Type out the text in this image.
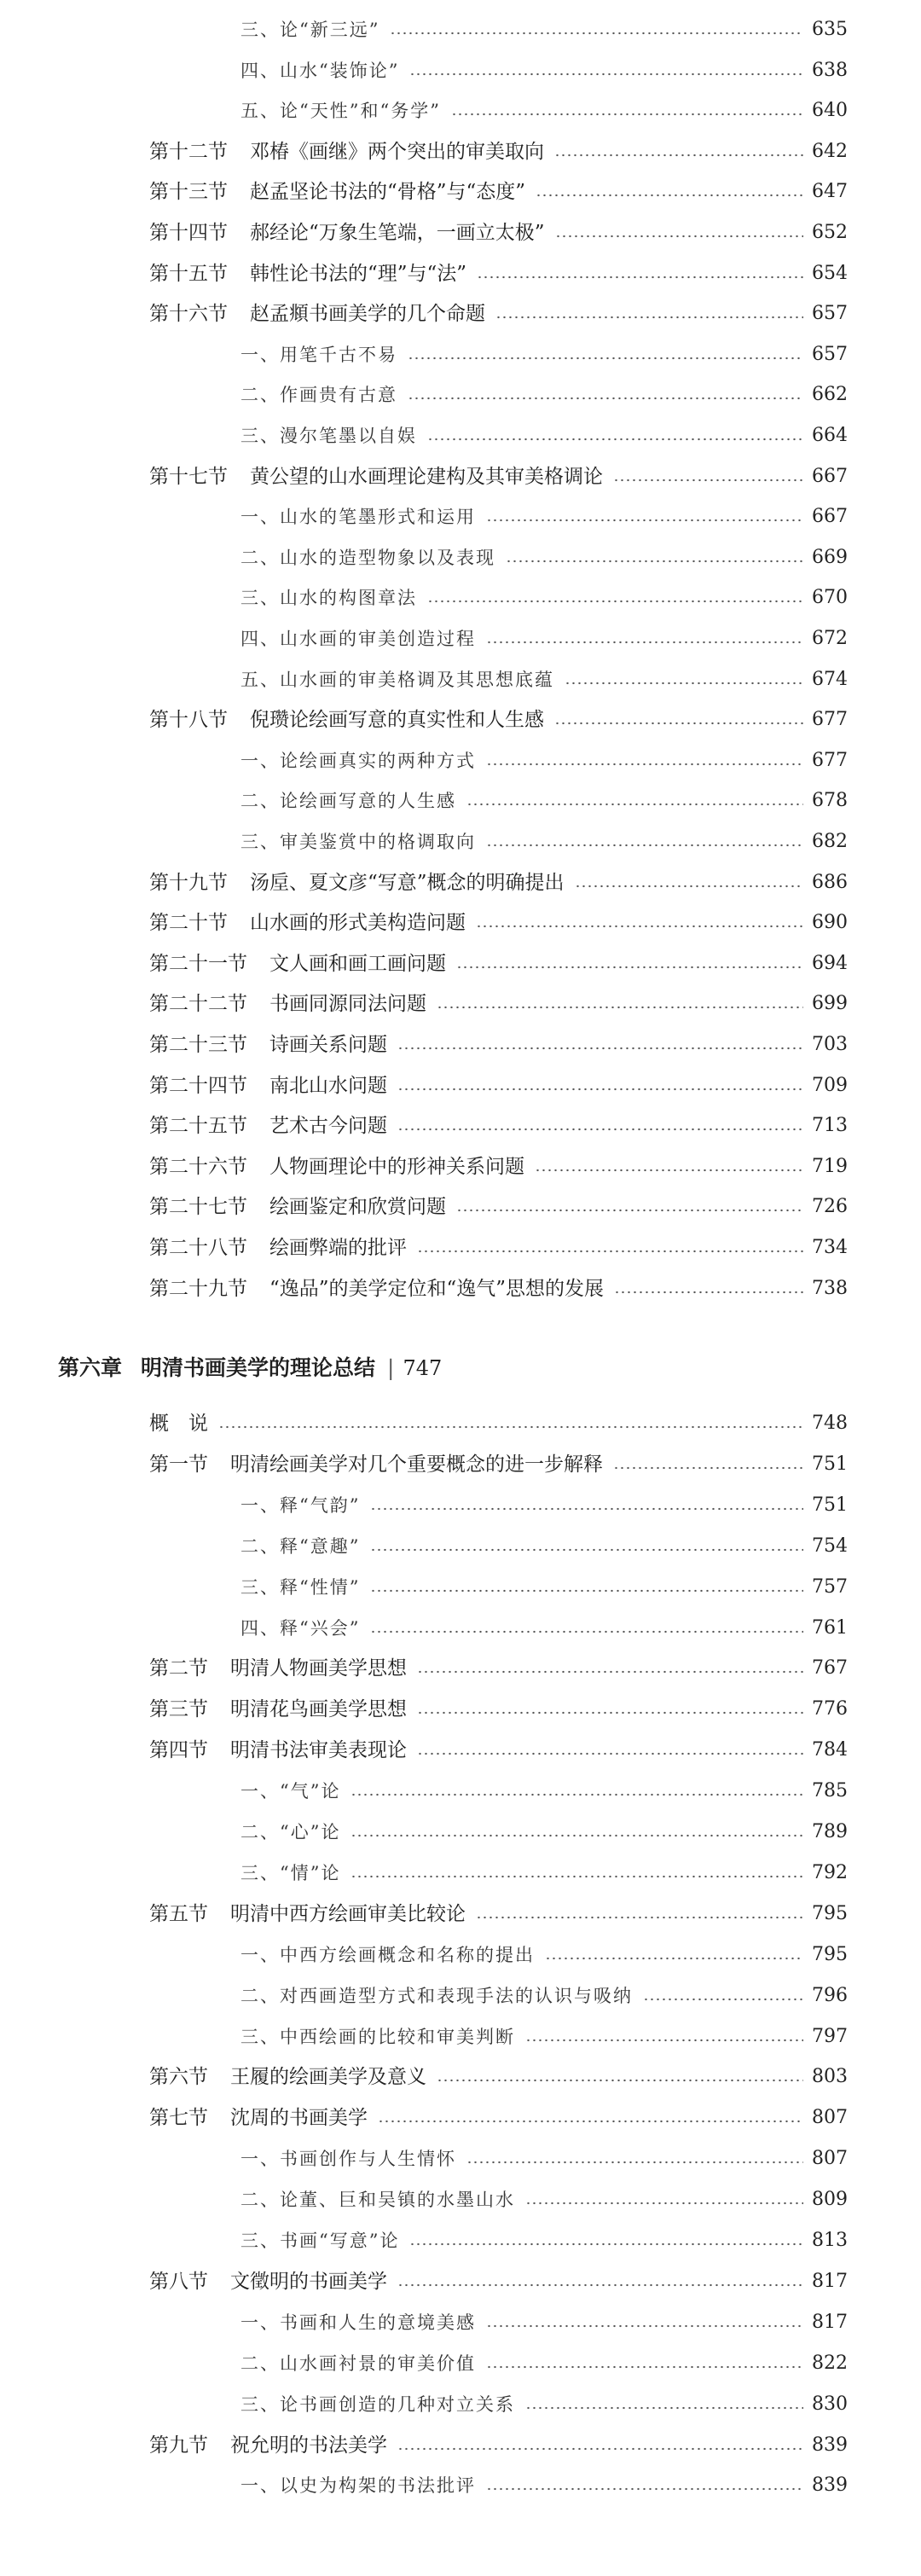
三、论“新三远”	635
四、山水“装饰论”	638
五、论“天性”和“务学”	640
第十二节 邓椿《画继》两个突出的审美取向	642
第十三节 赵孟坚论书法的“骨格”与“态度”	647
第十四节 郝经论“万象生笔端，一画立太极”	652
第十五节 韩性论书法的“理”与“法”	654
第十六节 赵孟頫书画美学的几个命题	657
一、用笔千古不易	657
二、作画贵有古意	662
三、漫尔笔墨以自娱	664
第十七节 黄公望的山水画理论建构及其审美格调论	667
一、山水的笔墨形式和运用	667
二、山水的造型物象以及表现	669
三、山水的构图章法	670
四、山水画的审美创造过程	672
五、山水画的审美格调及其思想底蕴	674
第十八节 倪瓒论绘画写意的真实性和人生感	677
一、论绘画真实的两种方式	677
二、论绘画写意的人生感	678
三、审美鉴赏中的格调取向	682
第十九节 汤垕、夏文彦“写意”概念的明确提出	686
第二十节 山水画的形式美构造问题	690
第二十一节 文人画和画工画问题	694
第二十二节 书画同源同法问题	699
第二十三节 诗画关系问题	703
第二十四节 南北山水问题	709
第二十五节 艺术古今问题	713
第二十六节 人物画理论中的形神关系问题	719
第二十七节 绘画鉴定和欣赏问题	726
第二十八节 绘画弊端的批评	734
第二十九节 “逸品”的美学定位和“逸气”思想的发展	738
第六章 明清书画美学的理论总结 | 747
概　说	748
第一节 明清绘画美学对几个重要概念的进一步解释	751
一、释“气韵”	751
二、释“意趣”	754
三、释“性情”	757
四、释“兴会”	761
第二节 明清人物画美学思想	767
第三节 明清花鸟画美学思想	776
第四节 明清书法审美表现论	784
一、“气”论	785
二、“心”论	789
三、“情”论	792
第五节 明清中西方绘画审美比较论	795
一、中西方绘画概念和名称的提出	795
二、对西画造型方式和表现手法的认识与吸纳	796
三、中西绘画的比较和审美判断	797
第六节 王履的绘画美学及意义	803
第七节 沈周的书画美学	807
一、书画创作与人生情怀	807
二、论董、巨和吴镇的水墨山水	809
三、书画“写意”论	813
第八节 文徵明的书画美学	817
一、书画和人生的意境美感	817
二、山水画衬景的审美价值	822
三、论书画创造的几种对立关系	830
第九节 祝允明的书法美学	839
一、以史为构架的书法批评	839
